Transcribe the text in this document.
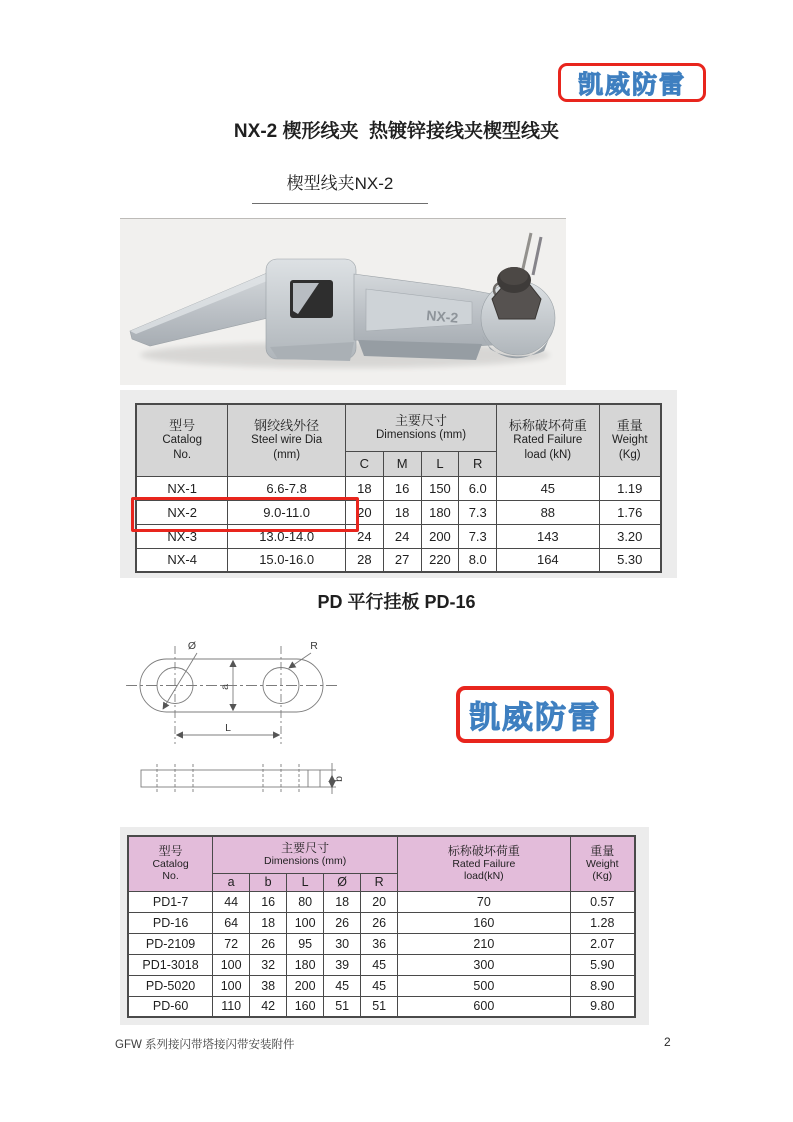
凯威防雷
NX-2 楔形线夹  热镀锌接线夹楔型线夹
楔型线夹NX-2
NX-2
型号
Catalog
No.	钢绞线外径
Steel wire Dia
(mm)	主要尺寸
Dimensions (mm)				标称破坏荷重
Rated Failure
load (kN)	重量
Weight
(Kg)

		C	M	L	R		
NX-1	6.6-7.8	18	16	150	6.0	45	1.19
NX-2	9.0-11.0	20	18	180	7.3	88	1.76
NX-3	13.0-14.0	24	24	200	7.3	143	3.20
NX-4	15.0-16.0	28	27	220	8.0	164	5.30
PD 平行挂板 PD-16
Ø	R
a
L
b
凯威防雷
型号
Catalog
No.	主要尺寸
Dimensions (mm)					标称破坏荷重
Rated Failure
load(kN)	重量
Weight
(Kg)

	a	b	L	Ø	R		
PD1-7	44	16	80	18	20	70	0.57
PD-16	64	18	100	26	26	160	1.28
PD-2109	72	26	95	30	36	210	2.07
PD1-3018	100	32	180	39	45	300	5.90
PD-5020	100	38	200	45	45	500	8.90
PD-60	110	42	160	51	51	600	9.80
GFW 系列接闪带塔接闪带安装附件	2
